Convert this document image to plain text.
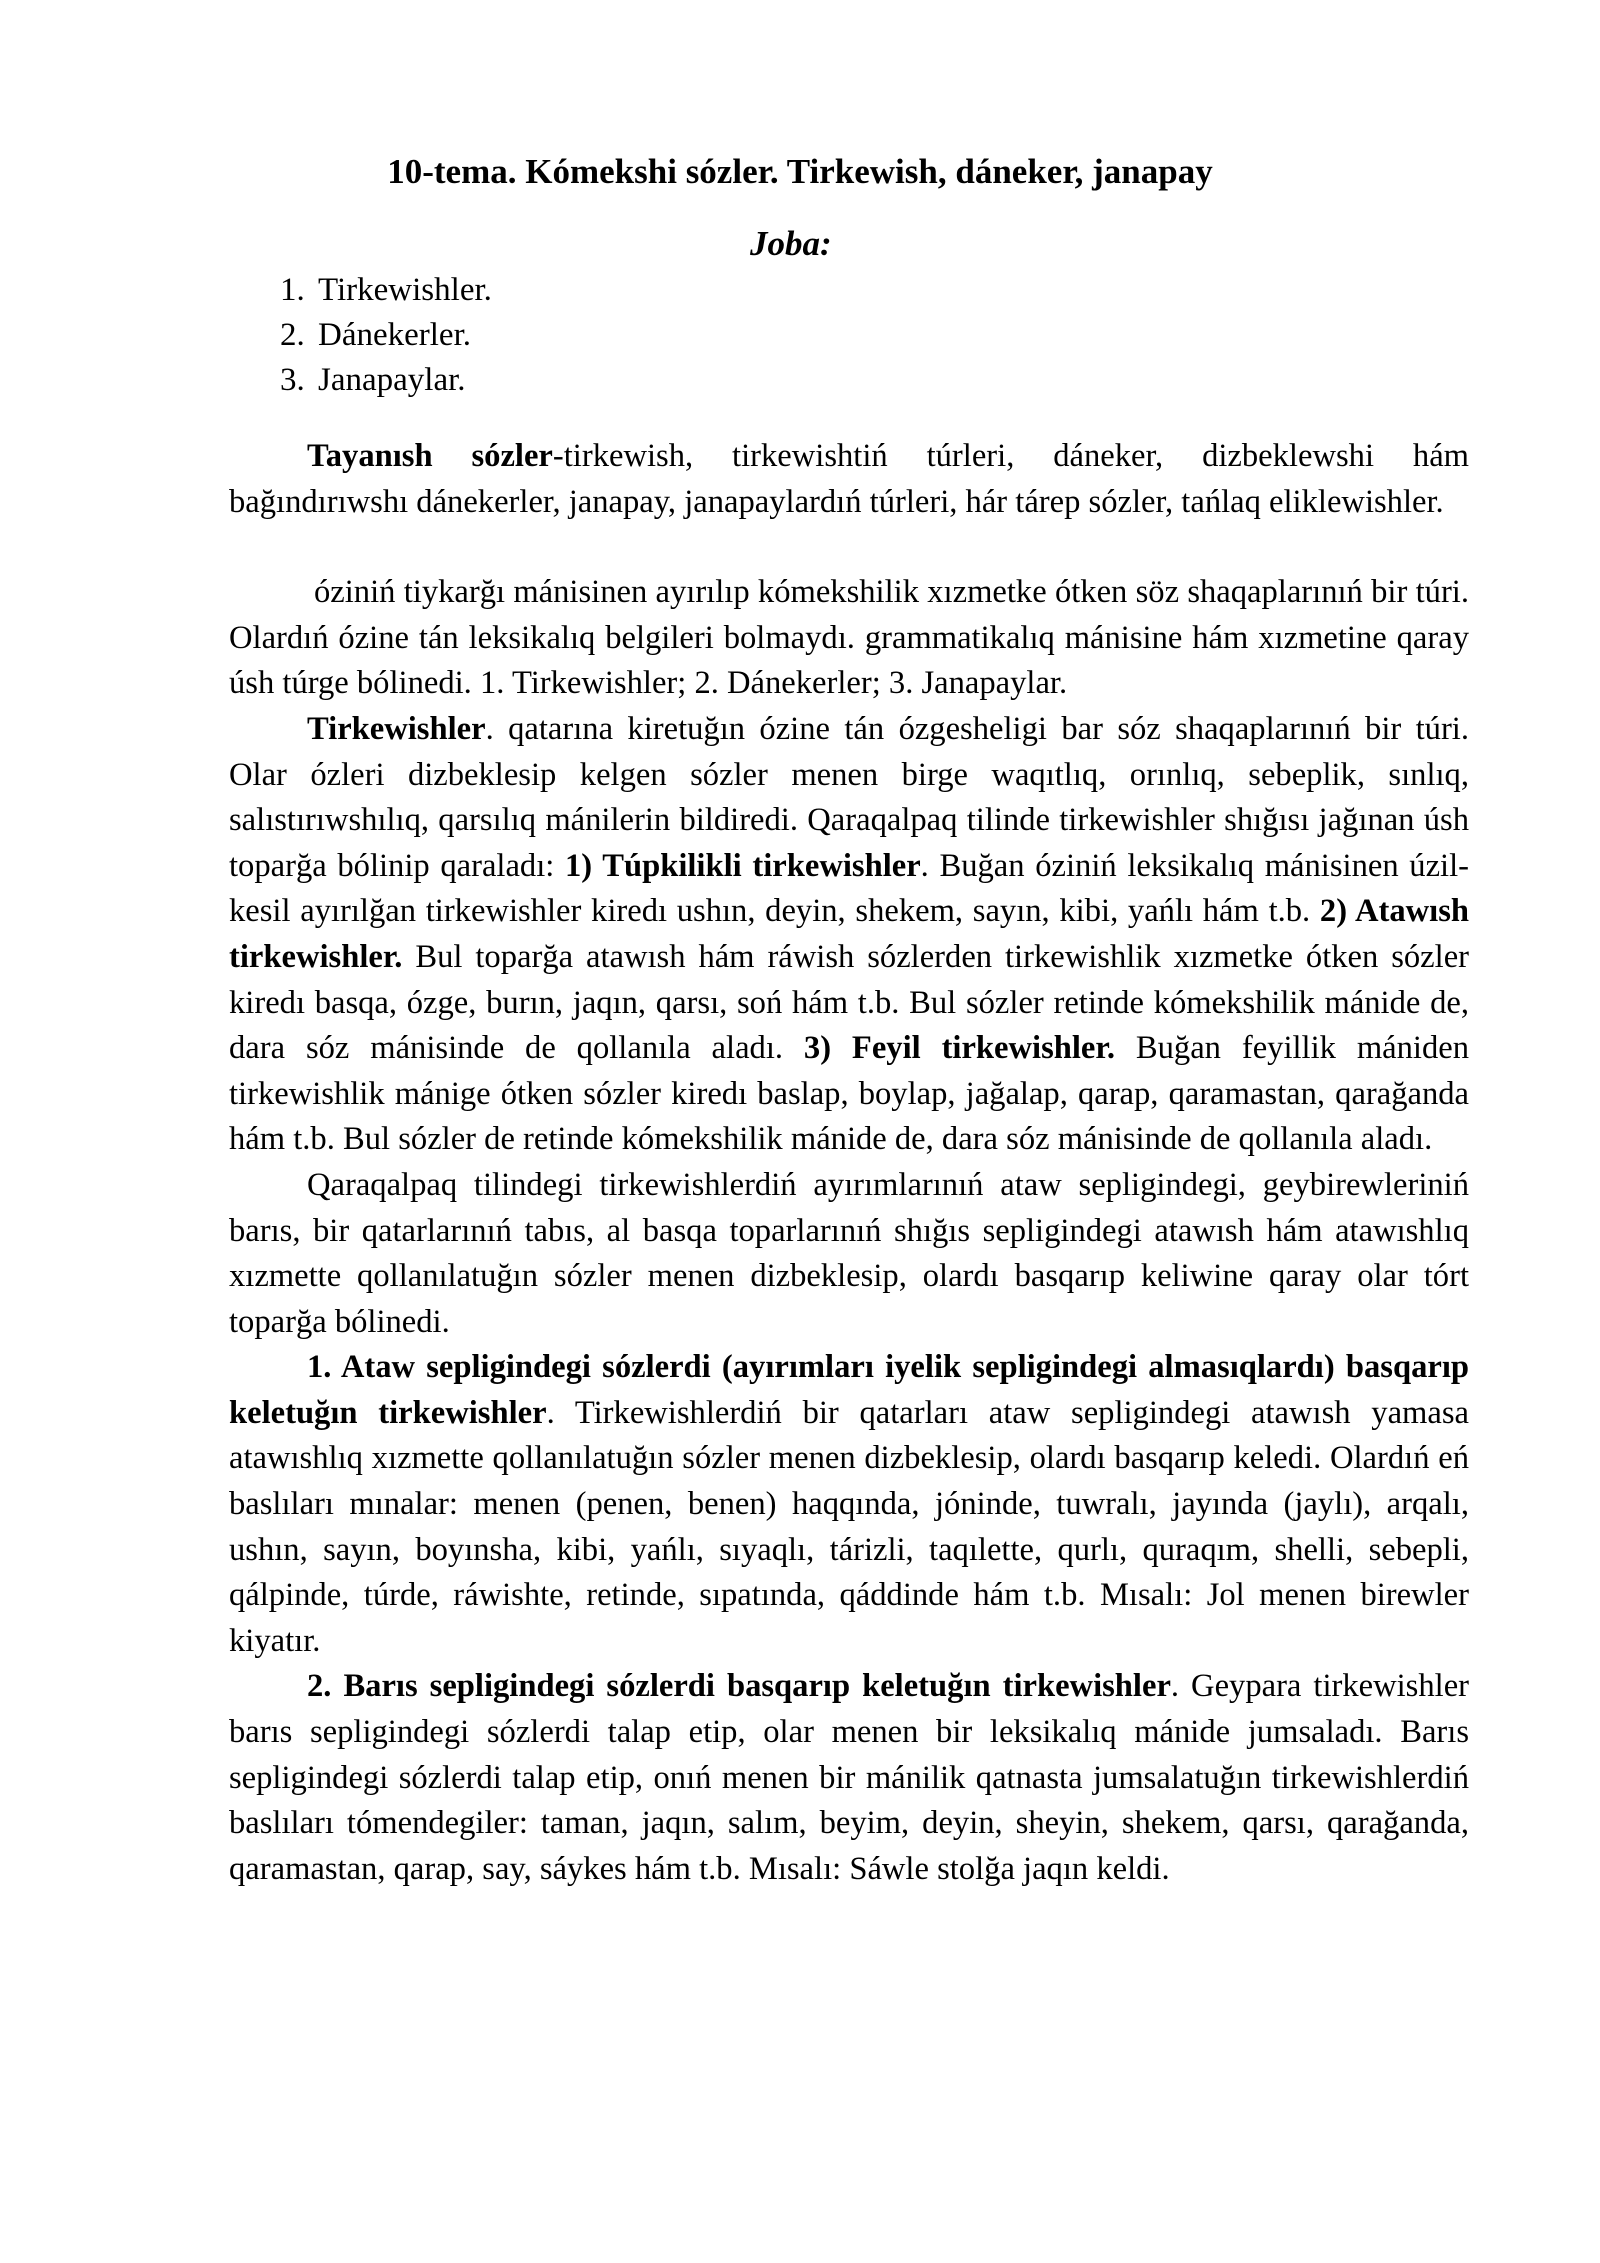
10-tema. Kómekshi sózler. Tirkewish, dáneker, janapay
Joba:
1. Tirkewishler.
2. Dánekerler.
3. Janapaylar.

Tayanısh sózler-tirkewish, tirkewishtiń túrleri, dáneker, dizbeklewshi hám bağındırıwshı dánekerler, janapay, janapaylardıń túrleri, hár tárep sózler, tańlaq eliklewishler.

óziniń tiykarğı mánisinen ayırılıp kómekshilik xızmetke ótken söz shaqaplarınıń bir túri. Olardıń ózine tán leksikalıq belgileri bolmaydı. grammatikalıq mánisine hám xızmetine qaray úsh túrge bólinedi. 1. Tirkewishler; 2. Dánekerler; 3. Janapaylar.

Tirkewishler. qatarına kiretuğın ózine tán ózgesheligi bar sóz shaqaplarınıń bir túri. Olar ózleri dizbeklesip kelgen sózler menen birge waqıtlıq, orınlıq, sebeplik, sınlıq, salıstırıwshılıq, qarsılıq mánilerin bildiredi. Qaraqalpaq tilinde tirkewishler shığısı jağınan úsh toparğa bólinip qaraladı: 1) Túpkilikli tirkewishler. Buğan óziniń leksikalıq mánisinen úzil-kesil ayırılğan tirkewishler kiredı ushın, deyin, shekem, sayın, kibi, yańlı hám t.b. 2) Atawısh tirkewishler. Bul toparğa atawısh hám ráwish sózlerden tirkewishlik xızmetke ótken sózler kiredı basqa, ózge, burın, jaqın, qarsı, soń hám t.b. Bul sózler retinde kómekshilik mánide de, dara sóz mánisinde de qollanıla aladı. 3) Feyil tirkewishler. Buğan feyillik mániden tirkewishlik mánige ótken sózler kiredı baslap, boylap, jağalap, qarap, qaramastan, qarağanda hám t.b. Bul sózler de retinde kómekshilik mánide de, dara sóz mánisinde de qollanıla aladı.

Qaraqalpaq tilindegi tirkewishlerdiń ayırımlarınıń ataw sepligindegi, geybirewleriniń barıs, bir qatarlarınıń tabıs, al basqa toparlarınıń shığıs sepligindegi atawısh hám atawıshlıq xızmette qollanılatuğın sózler menen dizbeklesip, olardı basqarıp keliwine qaray olar tórt toparğa bólinedi.

1. Ataw sepligindegi sózlerdi (ayırımları iyelik sepligindegi almasıqlardı) basqarıp keletuğın tirkewishler. Tirkewishlerdiń bir qatarları ataw sepligindegi atawısh yamasa atawıshlıq xızmette qollanılatuğın sózler menen dizbeklesip, olardı basqarıp keledi. Olardıń eń baslıları mınalar: menen (penen, benen) haqqında, jóninde, tuwralı, jayında (jaylı), arqalı, ushın, sayın, boyınsha, kibi, yańlı, sıyaqlı, tárizli, taqılette, qurlı, quraqım, shelli, sebepli, qálpinde, túrde, ráwishte, retinde, sıpatında, qáddinde hám t.b. Mısalı: Jol menen birewler kiyatır.

2. Barıs sepligindegi sózlerdi basqarıp keletuğın tirkewishler. Geypara tirkewishler barıs sepligindegi sózlerdi talap etip, olar menen bir leksikalıq mánide jumsaladı. Barıs sepligindegi sózlerdi talap etip, onıń menen bir mánilik qatnasta jumsalatuğın tirkewishlerdiń baslıları tómendegiler: taman, jaqın, salım, beyim, deyin, sheyin, shekem, qarsı, qarağanda, qaramastan, qarap, say, sáykes hám t.b. Mısalı: Sáwle stolğa jaqın keldi.
